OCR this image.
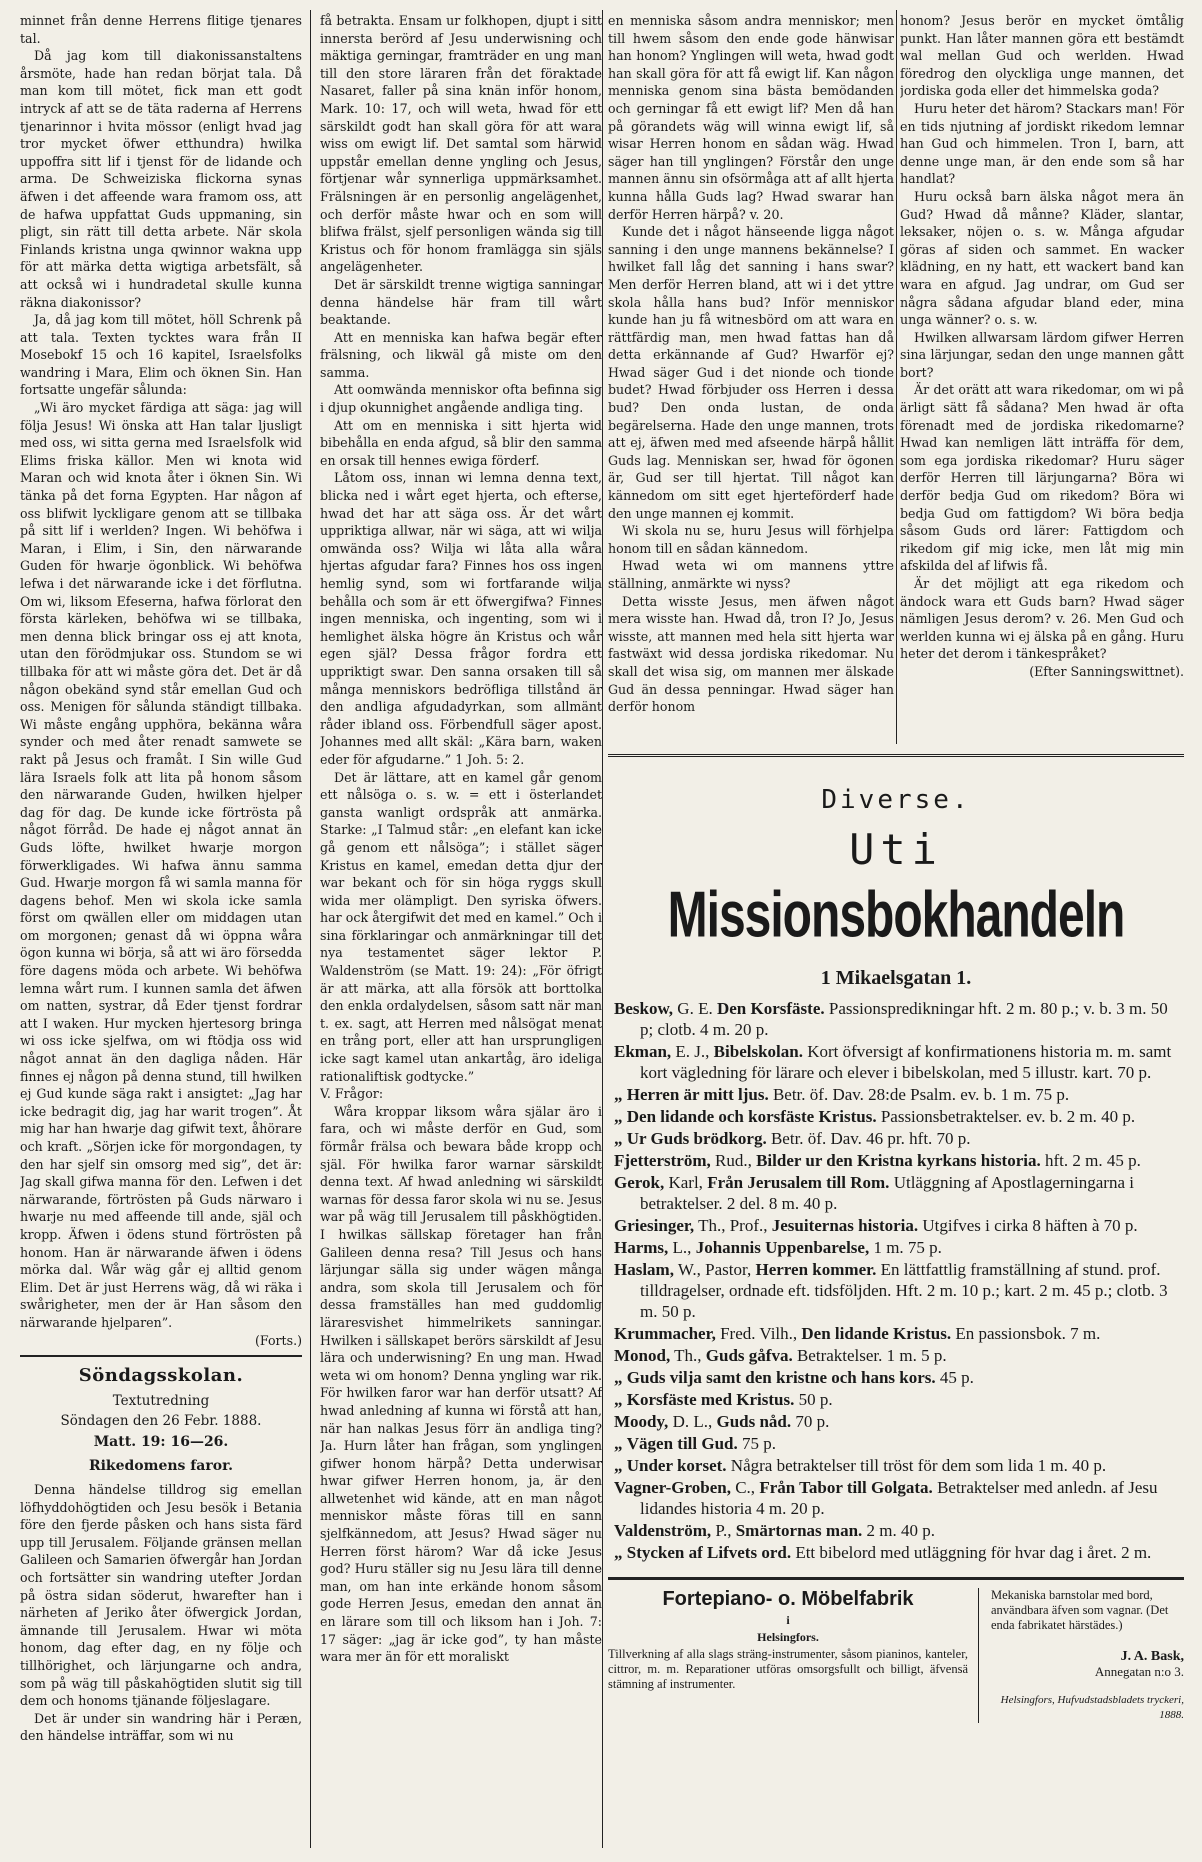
minnet från denne Herrens flitige tjenares tal.

Då jag kom till diakonissanstaltens årsmöte, hade han redan börjat tala. Då man kom till mötet, fick man ett godt intryck af att se de täta raderna af Herrens tjenarinnor i hvita mössor (enligt hvad jag tror mycket öfwer etthundra) hwilka uppoffra sitt lif i tjenst för de lidande och arma. De Schweiziska flickorna synas äfwen i det affeende wara framom oss, att de hafwa uppfattat Guds uppmaning, sin pligt, sin rätt till detta arbete. När skola Finlands kristna unga qwinnor wakna upp för att märka detta wigtiga arbetsfält, så att också wi i hundradetal skulle kunna räkna diakonissor?

Ja, då jag kom till mötet, höll Schrenk på att tala. Texten tycktes wara från II Mosebokf 15 och 16 kapitel, Israelsfolks wandring i Mara, Elim och öknen Sin. Han fortsatte ungefär sålunda:

„Wi äro mycket färdiga att säga: jag will följa Jesus! Wi önska att Han talar ljusligt med oss, wi sitta gerna med Israelsfolk wid Elims friska källor. Men wi knota wid Maran och wid knota åter i öknen Sin. Wi tänka på det forna Egypten. Har någon af oss blifwit lyckligare genom att se tillbaka på sitt lif i werlden? Ingen. Wi behöfwa i Maran, i Elim, i Sin, den närwarande Guden för hwarje ögonblick. Wi behöfwa lefwa i det närwarande icke i det förflutna. Om wi, liksom Efeserna, hafwa förlorat den första kärleken, behöfwa wi se tillbaka, men denna blick bringar oss ej att knota, utan den förödmjukar oss. Stundom se wi tillbaka för att wi måste göra det. Det är då någon obekänd synd står emellan Gud och oss. Menigen för sålunda ständigt tillbaka. Wi måste engång upphöra, bekänna wåra synder och med åter renadt samwete se rakt på Jesus och framåt. I Sin wille Gud lära Israels folk att lita på honom såsom den närwarande Guden, hwilken hjelper dag för dag. De kunde icke förtrösta på något förråd. De hade ej något annat än Guds löfte, hwilket hwarje morgon förwerkligades. Wi hafwa ännu samma Gud. Hwarje morgon få wi samla manna för dagens behof. Men wi skola icke samla först om qwällen eller om middagen utan om morgonen; genast då wi öppna wåra ögon kunna wi börja, så att wi äro försedda före dagens möda och arbete. Wi behöfwa lemna wårt rum. I kunnen samla det äfwen om natten, systrar, då Eder tjenst fordrar att I waken. Hur mycken hjertesorg bringa wi oss icke sjelfwa, om wi ftödja oss wid något annat än den dagliga nåden. Här finnes ej någon på denna stund, till hwilken ej Gud kunde säga rakt i ansigtet: „Jag har icke bedragit dig, jag har warit trogen”. Åt mig har han hwarje dag gifwit text, åhörare och kraft. „Sörjen icke för morgondagen, ty den har sjelf sin omsorg med sig”, det är: Jag skall gifwa manna för den. Lefwen i det närwarande, förtrösten på Guds närwaro i hwarje nu med affeende till ande, själ och kropp. Äfwen i ödens stund förtrösten på honom. Han är närwarande äfwen i ödens mörka dal. Wår wäg går ej alltid genom Elim. Det är just Herrens wäg, då wi räka i swårigheter, men der är Han såsom den närwarande hjelparen”.

(Forts.)
Söndagsskolan.
Textutredning
Söndagen den 26 Febr. 1888.
Matt. 19: 16—26.
Rikedomens faror.

Denna händelse tilldrog sig emellan löfhyddohögtiden och Jesu besök i Betania före den fjerde påsken och hans sista färd upp till Jerusalem. Följande gränsen mellan Galileen och Samarien öfwergår han Jordan och fortsätter sin wandring utefter Jordan på östra sidan söderut, hwarefter han i närheten af Jeriko åter öfwergick Jordan, ämnande till Jerusalem. Hwar wi möta honom, dag efter dag, en ny följe och tillhörighet, och lärjungarne och andra, som på wäg till påskahögtiden slutit sig till dem och honoms tjänande följeslagare.

Det är under sin wandring här i Peræn, den händelse inträffar, som wi nu

få betrakta. Ensam ur folkhopen, djupt i sitt innersta berörd af Jesu underwisning och mäktiga gerningar, framträder en ung man till den store läraren från det föraktade Nasaret, faller på sina knän inför honom, Mark. 10: 17, och will weta, hwad för ett särskildt godt han skall göra för att wara wiss om ewigt lif. Det samtal som härwid uppstår emellan denne yngling och Jesus, förtjenar wår synnerliga uppmärksamhet. Frälsningen är en personlig angelägenhet, och derför måste hwar och en som will blifwa frälst, sjelf personligen wända sig till Kristus och för honom framlägga sin själs angelägenheter.

Det är särskildt trenne wigtiga sanningar denna händelse här fram till wårt beaktande.

Att en menniska kan hafwa begär efter frälsning, och likwäl gå miste om den samma.

Att oomwända menniskor ofta befinna sig i djup okunnighet angående andliga ting.

Att om en menniska i sitt hjerta wid bibehålla en enda afgud, så blir den samma en orsak till hennes ewiga förderf.

Låtom oss, innan wi lemna denna text, blicka ned i wårt eget hjerta, och efterse, hwad det har att säga oss. Är det wårt uppriktiga allwar, när wi säga, att wi wilja omwända oss? Wilja wi låta alla wåra hjertas afgudar fara? Finnes hos oss ingen hemlig synd, som wi fortfarande wilja behålla och som är ett öfwergifwa? Finnes ingen menniska, och ingenting, som wi i hemlighet älska högre än Kristus och wår egen själ? Dessa frågor fordra ett uppriktigt swar. Den sanna orsaken till så många menniskors bedröfliga tillstånd är den andliga afgudadyrkan, som allmänt råder ibland oss. Förbendfull säger apost. Johannes med allt skäl: „Kära barn, waken eder för afgudarne.” 1 Joh. 5: 2.

Det är lättare, att en kamel går genom ett nålsöga o. s. w. = ett i österlandet gansta wanligt ordspråk att anmärka. Starke: „I Talmud står: „en elefant kan icke gå genom ett nålsöga”; i stället säger Kristus en kamel, emedan detta djur der war bekant och för sin höga ryggs skull wida mer olämpligt. Den syriska öfwers. har ock återgifwit det med en kamel.” Och i sina förklaringar och anmärkningar till det nya testamentet säger lektor P. Waldenström (se Matt. 19: 24): „För öfrigt är att märka, att alla försök att borttolka den enkla ordalydelsen, såsom satt när man t. ex. sagt, att Herren med nålsögat menat en trång port, eller att han ursprungligen icke sagt kamel utan ankartåg, äro ideliga rationaliftisk godtycke.”

V. Frågor:

Wåra kroppar liksom wåra själar äro i fara, och wi måste derför en Gud, som förmår frälsa och bewara både kropp och själ. För hwilka faror warnar särskildt denna text. Af hwad anledning wi särskildt warnas för dessa faror skola wi nu se. Jesus war på wäg till Jerusalem till påskhögtiden. I hwilkas sällskap företager han från Galileen denna resa? Till Jesus och hans lärjungar sälla sig under wägen många andra, som skola till Jerusalem och för dessa framställes han med guddomlig läraresvishet himmelrikets sanningar. Hwilken i sällskapet berörs särskildt af Jesu lära och underwisning? En ung man. Hwad weta wi om honom? Denna yngling war rik. För hwilken faror war han derför utsatt? Af hwad anledning af kunna wi förstå att han, när han nalkas Jesus förr än andliga ting? Ja. Hurn låter han frågan, som ynglingen gifwer honom härpå? Detta underwisar hwar gifwer Herren honom, ja, är den allwetenhet wid kände, att en man något menniskor måste föras till en sann sjelfkännedom, att Jesus? Hwad säger nu Herren först härom? War då icke Jesus god? Huru ställer sig nu Jesu lära till denne man, om han inte erkände honom såsom gode Herren Jesus, emedan den annat än en lärare som till och liksom han i Joh. 7: 17 säger: „jag är icke god”, ty han måste wara mer än för ett moraliskt

en menniska såsom andra menniskor; men till hwem såsom den ende gode hänwisar han honom? Ynglingen will weta, hwad godt han skall göra för att få ewigt lif. Kan någon menniska genom sina bästa bemödanden och gerningar få ett ewigt lif? Men då han på görandets wäg will winna ewigt lif, så wisar Herren honom en sådan wäg. Hwad säger han till ynglingen? Förstår den unge mannen ännu sin ofsörmåga att af allt hjerta kunna hålla Guds lag? Hwad swarar han derför Herren härpå? v. 20.

Kunde det i något hänseende ligga något sanning i den unge mannens bekännelse? I hwilket fall låg det sanning i hans swar? Men derför Herren bland, att wi i det yttre skola hålla hans bud? Inför menniskor kunde han ju få witnesbörd om att wara en rättfärdig man, men hwad fattas han då detta erkännande af Gud? Hwarför ej? Hwad säger Gud i det nionde och tionde budet? Hwad förbjuder oss Herren i dessa bud? Den onda lustan, de onda begärelserna. Hade den unge mannen, trots att ej, äfwen med med afseende härpå hållit Guds lag. Menniskan ser, hwad för ögonen är, Gud ser till hjertat. Till något kan kännedom om sitt eget hjerteförderf hade den unge mannen ej kommit.

Wi skola nu se, huru Jesus will förhjelpa honom till en sådan kännedom.

Hwad weta wi om mannens yttre ställning, anmärkte wi nyss?

Detta wisste Jesus, men äfwen något mera wisste han. Hwad då, tron I? Jo, Jesus wisste, att mannen med hela sitt hjerta war fastwäxt wid dessa jordiska rikedomar. Nu skall det wisa sig, om mannen mer älskade Gud än dessa penningar. Hwad säger han derför honom

honom? Jesus berör en mycket ömtålig punkt. Han låter mannen göra ett bestämdt wal mellan Gud och werlden. Hwad föredrog den olyckliga unge mannen, det jordiska goda eller det himmelska goda?

Huru heter det härom? Stackars man! För en tids njutning af jordiskt rikedom lemnar han Gud och himmelen. Tron I, barn, att denne unge man, är den ende som så har handlat?

Huru också barn älska något mera än Gud? Hwad då månne? Kläder, slantar, leksaker, nöjen o. s. w. Många afgudar göras af siden och sammet. En wacker klädning, en ny hatt, ett wackert band kan wara en afgud. Jag undrar, om Gud ser några sådana afgudar bland eder, mina unga wänner? o. s. w.

Hwilken allwarsam lärdom gifwer Herren sina lärjungar, sedan den unge mannen gått bort?

Är det orätt att wara rikedomar, om wi på ärligt sätt få sådana? Men hwad är ofta förenadt med de jordiska rikedomarne? Hwad kan nemligen lätt inträffa för dem, som ega jordiska rikedomar? Huru säger derför Herren till lärjungarna? Böra wi derför bedja Gud om rikedom? Böra wi bedja Gud om fattigdom? Wi böra bedja såsom Guds ord lärer: Fattigdom och rikedom gif mig icke, men låt mig min afskilda del af lifwis få.

Är det möjligt att ega rikedom och ändock wara ett Guds barn? Hwad säger nämligen Jesus derom? v. 26. Men Gud och werlden kunna wi ej älska på en gång. Huru heter det derom i tänkespråket?

(Efter Sanningswittnet).
Diverse.
Uti
Missionsbokhandeln
1 Mikaelsgatan 1.
Beskow, G. E. Den Korsfäste. Passionspredikningar hft. 2 m. 80 p.; v. b. 3 m. 50 p; clotb. 4 m. 20 p.
Ekman, E. J., Bibelskolan. Kort öfversigt af konfirmationens historia m. m. samt kort vägledning för lärare och elever i bibelskolan, med 5 illustr. kart. 70 p.
„ Herren är mitt ljus. Betr. öf. Dav. 28:de Psalm. ev. b. 1 m. 75 p.
„ Den lidande och korsfäste Kristus. Passionsbetraktelser. ev. b. 2 m. 40 p.
„ Ur Guds brödkorg. Betr. öf. Dav. 46 pr. hft. 70 p.
Fjetterström, Rud., Bilder ur den Kristna kyrkans historia. hft. 2 m. 45 p.
Gerok, Karl, Från Jerusalem till Rom. Utläggning af Apostlagerningarna i betraktelser. 2 del. 8 m. 40 p.
Griesinger, Th., Prof., Jesuiternas historia. Utgifves i cirka 8 häften à 70 p.
Harms, L., Johannis Uppenbarelse, 1 m. 75 p.
Haslam, W., Pastor, Herren kommer. En lättfattlig framställning af stund. prof. tilldragelser, ordnade eft. tidsföljden. Hft. 2 m. 10 p.; kart. 2 m. 45 p.; clotb. 3 m. 50 p.
Krummacher, Fred. Vilh., Den lidande Kristus. En passionsbok. 7 m.
Monod, Th., Guds gåfva. Betraktelser. 1 m. 5 p.
„ Guds vilja samt den kristne och hans kors. 45 p.
„ Korsfäste med Kristus. 50 p.
Moody, D. L., Guds nåd. 70 p.
„ Vägen till Gud. 75 p.
„ Under korset. Några betraktelser till tröst för dem som lida 1 m. 40 p.
Vagner-Groben, C., Från Tabor till Golgata. Betraktelser med anledn. af Jesu lidandes historia 4 m. 20 p.
Valdenström, P., Smärtornas man. 2 m. 40 p.
„ Stycken af Lifvets ord. Ett bibelord med utläggning för hvar dag i året. 2 m.
Fortepiano- o. Möbelfabrik
i
Helsingfors.
Tillverkning af alla slags sträng-instrumenter, såsom pianinos, kanteler, cittror, m. m. Reparationer utföras omsorgsfullt och billigt, äfvensä stämning af instrumenter.
Mekaniska barnstolar med bord, användbara äfven som vagnar. (Det enda fabrikatet härstädes.)
J. A. Bask,
Annegatan n:o 3.
Helsingfors, Hufvudstadsbladets tryckeri, 1888.
